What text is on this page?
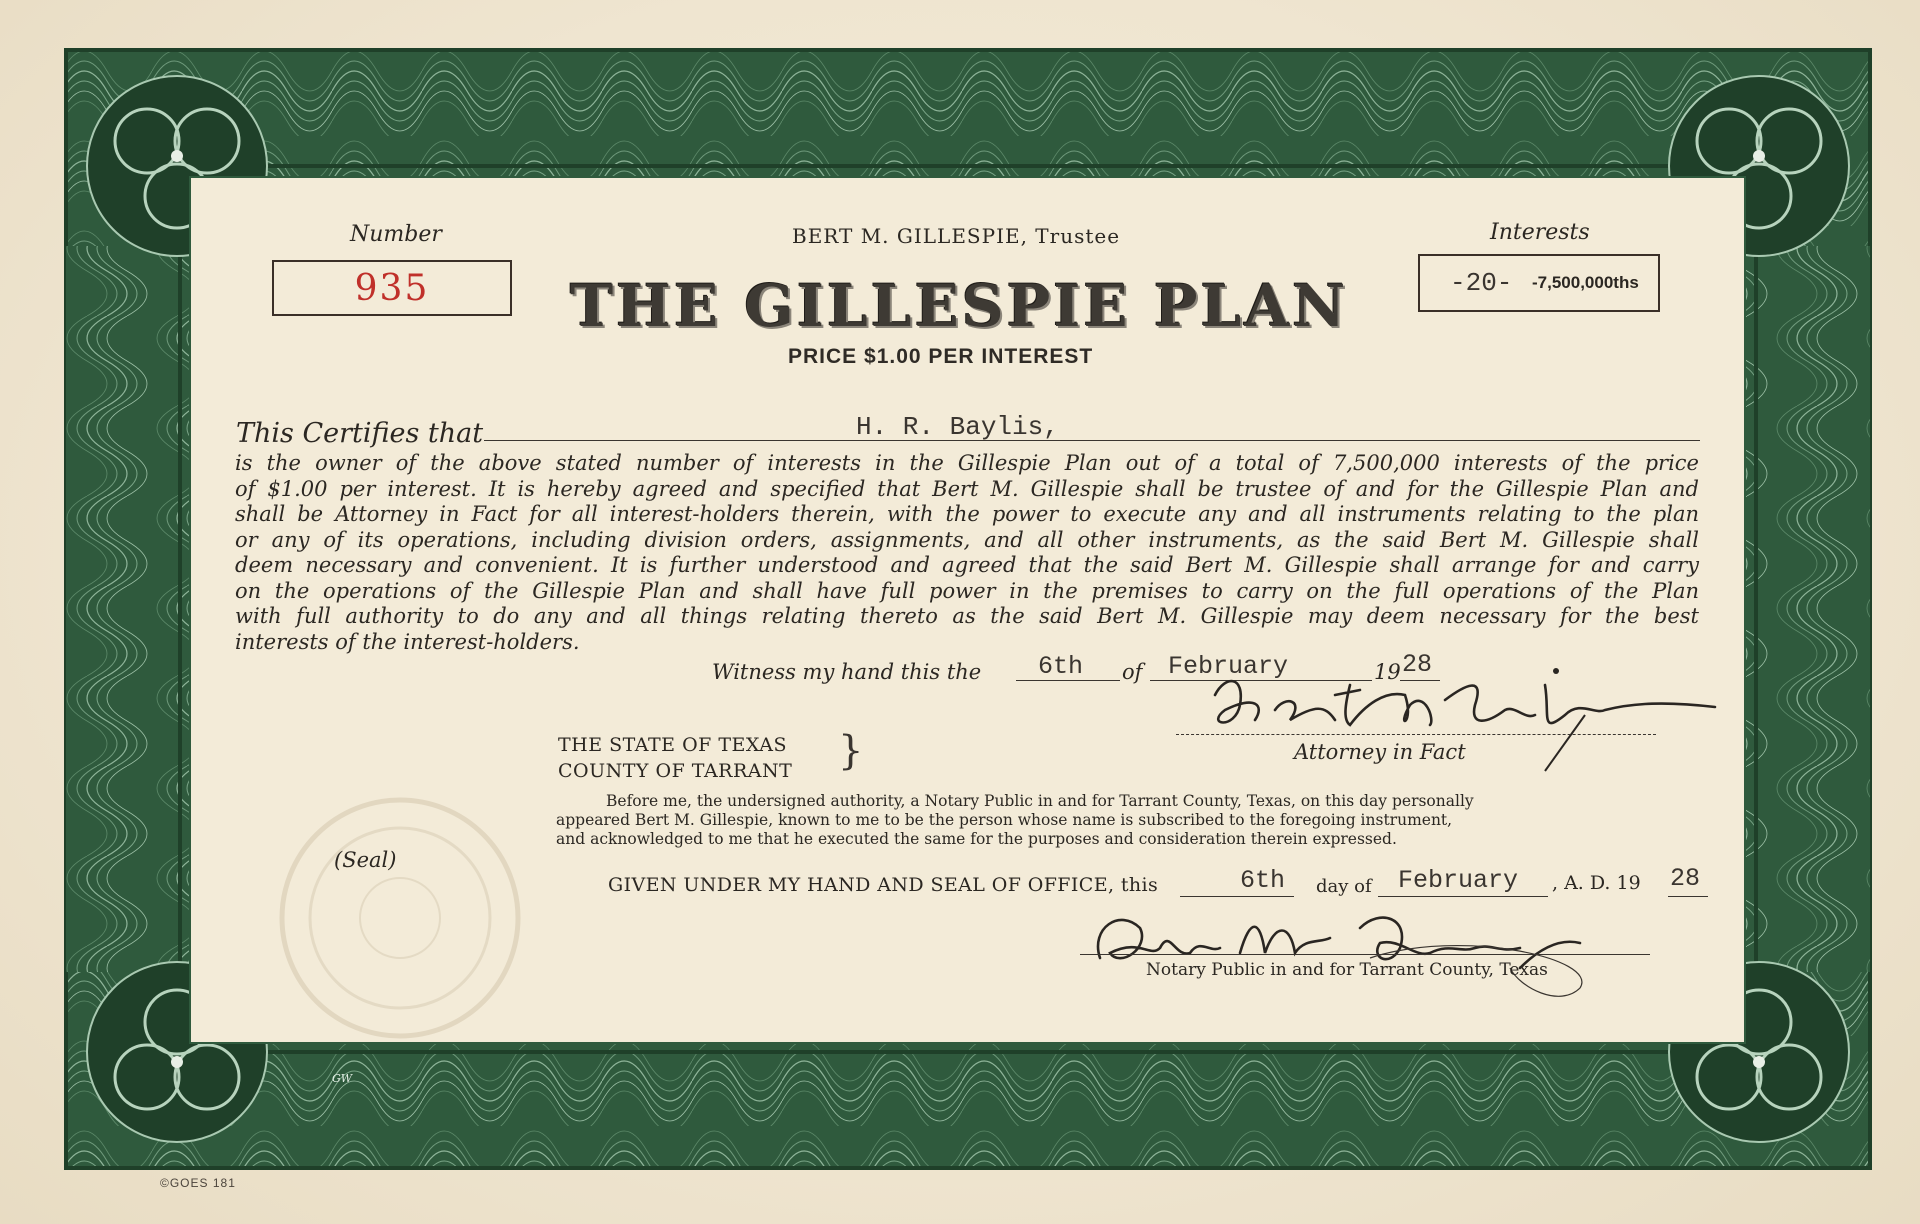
Number
935
BERT M. GILLESPIE, Trustee	Interests
-20- -7,500,000ths
THE GILLESPIE PLAN
PRICE $1.00 PER INTEREST
This Certifies that	H. R. Baylis,
is the owner of the above stated number of interests in the Gillespie Plan out of a total of 7,500,000 interests of the price
of $1.00 per interest. It is hereby agreed and specified that Bert M. Gillespie shall be trustee of and for the Gillespie Plan and
shall be Attorney in Fact for all interest-holders therein, with the power to execute any and all instruments relating to the plan
or any of its operations, including division orders, assignments, and all other instruments, as the said Bert M. Gillespie shall
deem necessary and convenient. It is further understood and agreed that the said Bert M. Gillespie shall arrange for and carry
on the operations of the Gillespie Plan and shall have full power in the premises to carry on the full operations of the Plan
with full authority to do any and all things relating thereto as the said Bert M. Gillespie may deem necessary for the best
interests of the interest-holders.
Witness my hand this the 6th of February	19 28
Attorney in Fact
THE STATE OF TEXAS
COUNTY OF TARRANT }
Before me, the undersigned authority, a Notary Public in and for Tarrant County, Texas, on this day personally
appeared Bert M. Gillespie, known to me to be the person whose name is subscribed to the foregoing instrument,
and acknowledged to me that he executed the same for the purposes and consideration therein expressed.
(Seal)
GIVEN UNDER MY HAND AND SEAL OF OFFICE, this	6th day of February , A. D. 19 28
Notary Public in and for Tarrant County, Texas
©GOES 181
GW
